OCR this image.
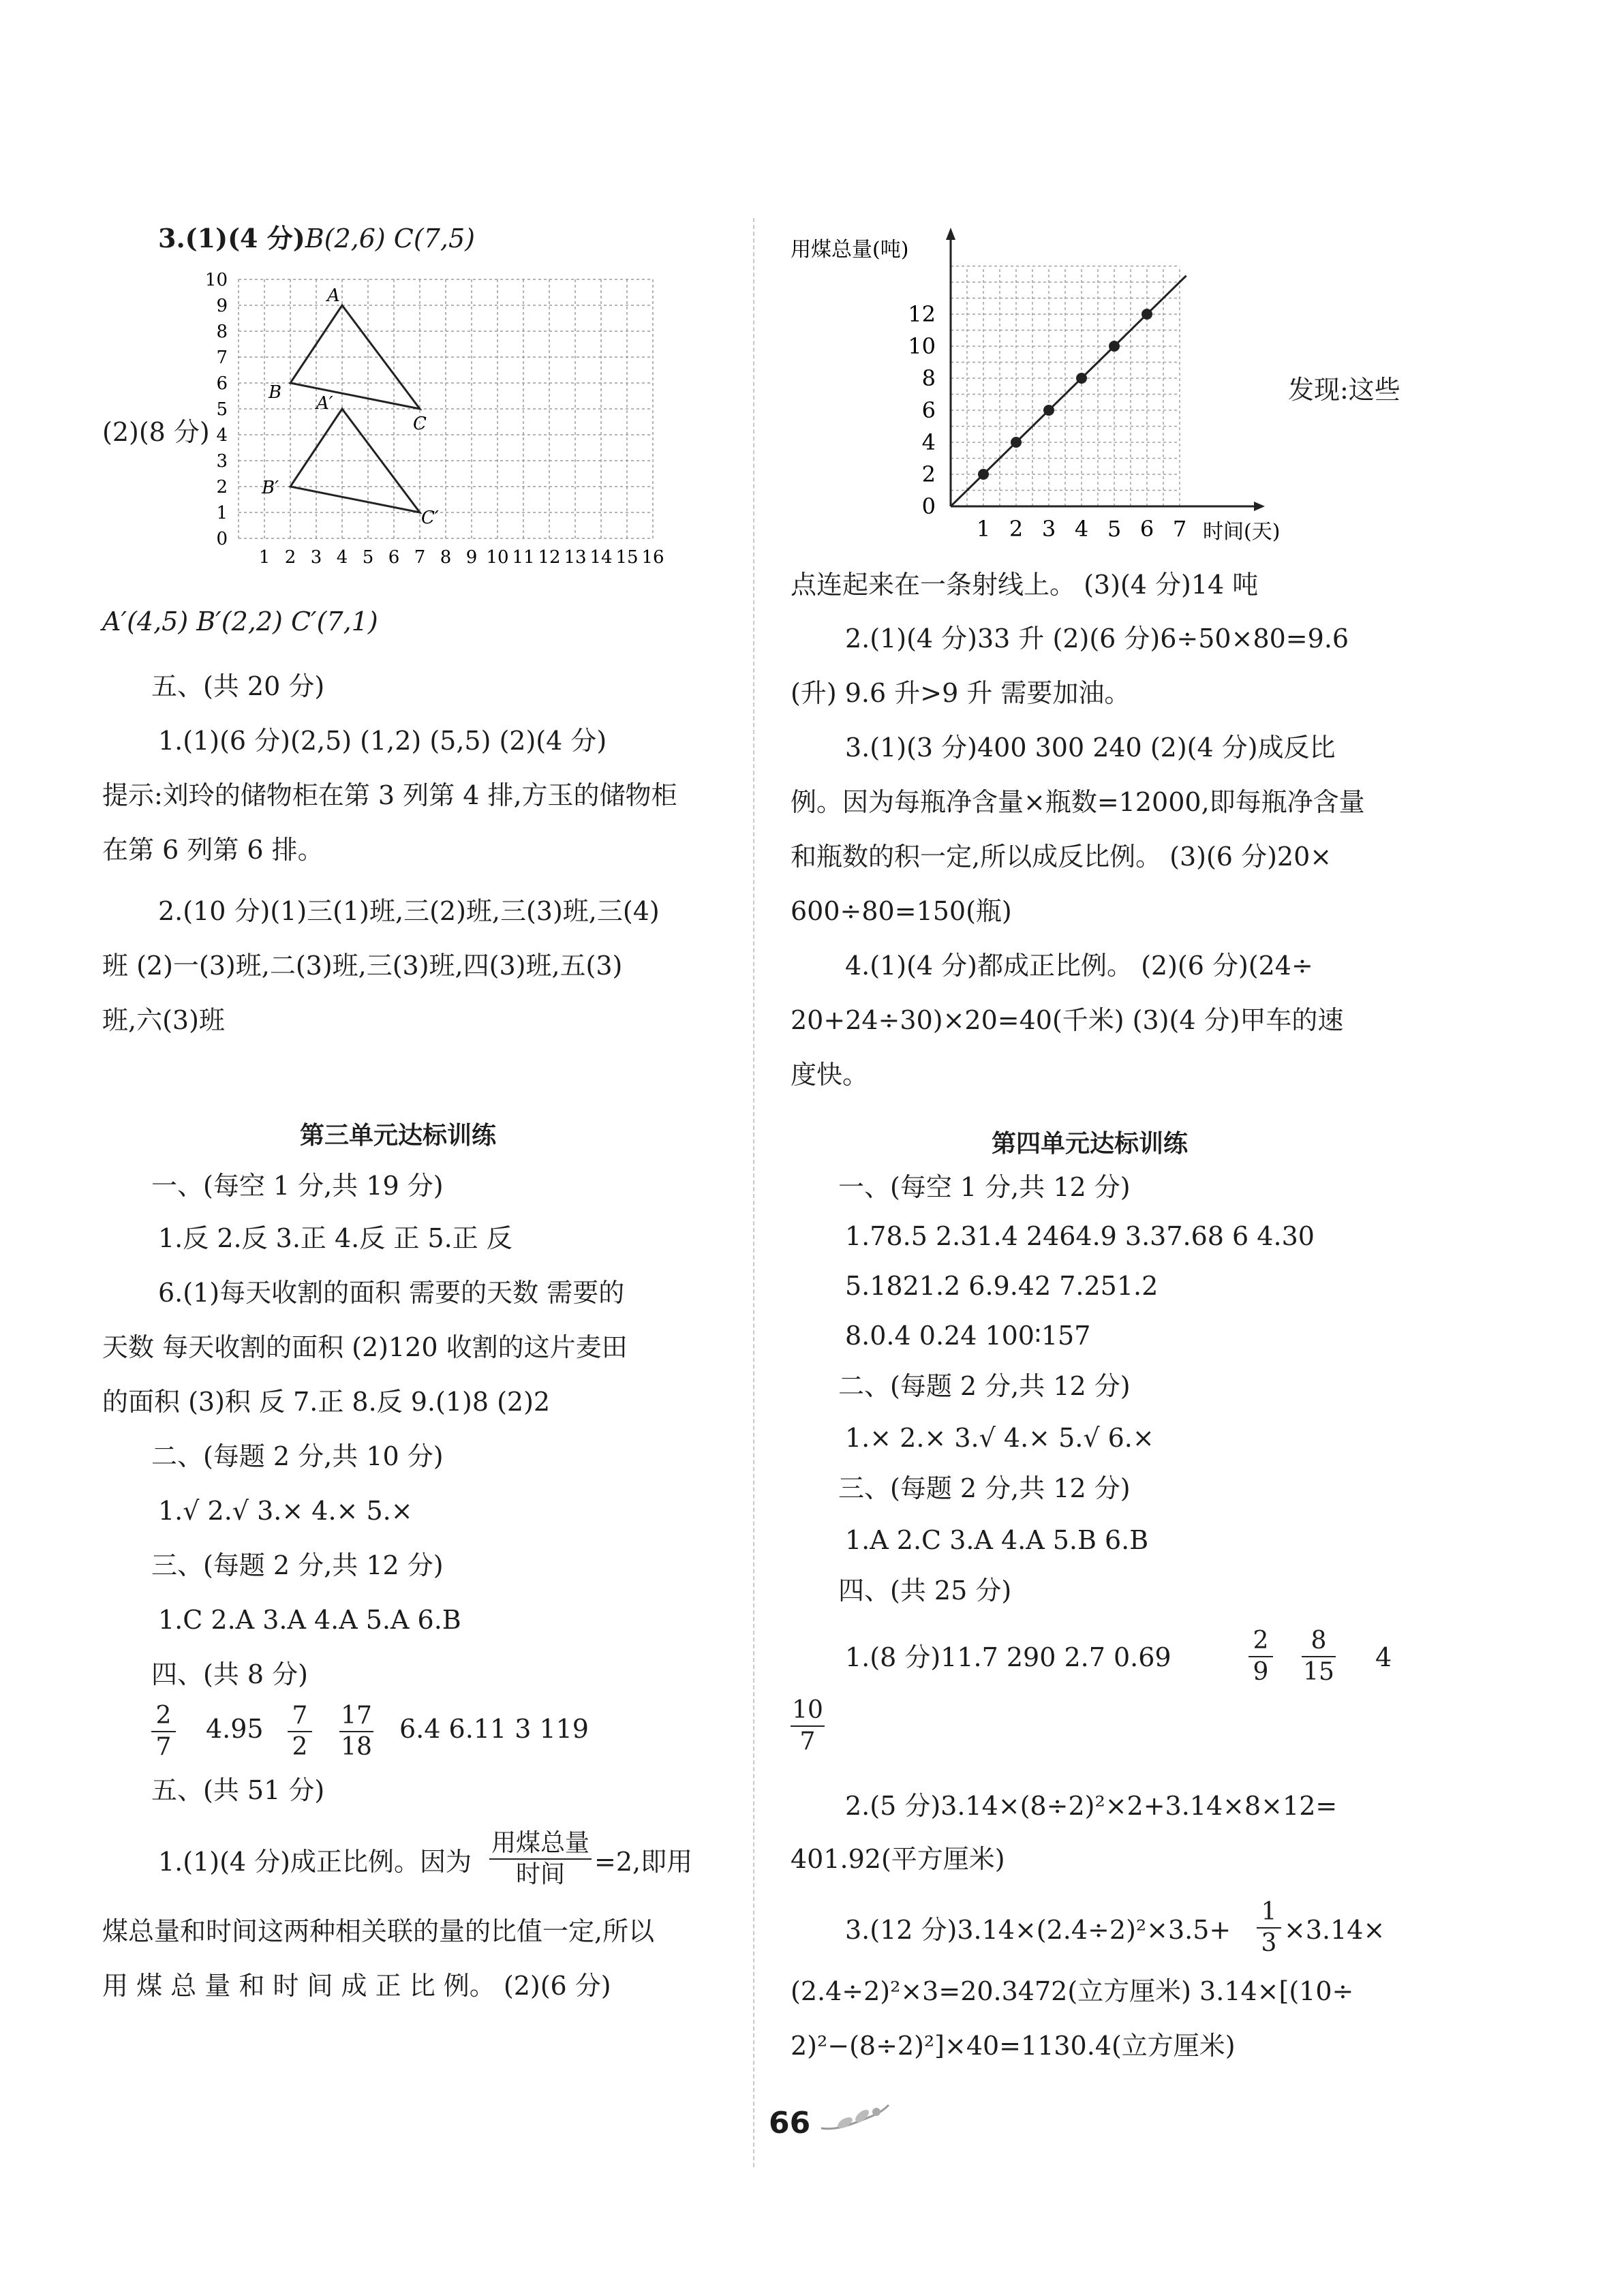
3.(1)(4 分)B(2,6) C(7,5)
(2)(8 分)
1 2 3 4 5 6 7 8 9 10 11 12 13 14 15 16
0
1
2
3
4
5
6
7
8
9
10
A
B
C
A′
B′
C′
A′(4,5) B′(2,2) C′(7,1)
五、(共 20 分)
1.(1)(6 分)(2,5) (1,2) (5,5) (2)(4 分)
提示:刘玲的储物柜在第 3 列第 4 排,方玉的储物柜
在第 6 列第 6 排。
2.(10 分)(1)三(1)班,三(2)班,三(3)班,三(4)
班 (2)一(3)班,二(3)班,三(3)班,四(3)班,五(3)
班,六(3)班
第三单元达标训练
一、(每空 1 分,共 19 分)
1.反 2.反 3.正 4.反 正 5.正 反
6.(1)每天收割的面积 需要的天数 需要的
天数 每天收割的面积 (2)120 收割的这片麦田
的面积 (3)积 反 7.正 8.反 9.(1)8 (2)2
二、(每题 2 分,共 10 分)
1.√ 2.√ 3.× 4.× 5.×
三、(每题 2 分,共 12 分)
1.C 2.A 3.A 4.A 5.A 6.B
四、(共 8 分)
2
7
4.95 7
2
17
18
6.4 6.11 3 119
五、(共 51 分)
1.(1)(4 分)成正比例。因为
用煤总量
时间	=2,即用
煤总量和时间这两种相关联的量的比值一定,所以
用 煤 总 量 和 时 间 成 正 比 例。 (2)(6 分)
用煤总量(吨)
时间(天)
1 2 3 4 5 6 7
0
2
4
6
8
10
12
发现:这些
点连起来在一条射线上。 (3)(4 分)14 吨
2.(1)(4 分)33 升 (2)(6 分)6÷50×80=9.6
(升) 9.6 升>9 升 需要加油。
3.(1)(3 分)400 300 240 (2)(4 分)成反比
例。因为每瓶净含量×瓶数=12000,即每瓶净含量
和瓶数的积一定,所以成反比例。 (3)(6 分)20×
600÷80=150(瓶)
4.(1)(4 分)都成正比例。 (2)(6 分)(24÷
20+24÷30)×20=40(千米) (3)(4 分)甲车的速
度快。
第四单元达标训练
一、(每空 1 分,共 12 分)
1.78.5 2.31.4 2464.9 3.37.68 6 4.30
5.1821.2 6.9.42 7.251.2
8.0.4 0.24 100∶157
二、(每题 2 分,共 12 分)
1.× 2.× 3.√ 4.× 5.√ 6.×
三、(每题 2 分,共 12 分)
1.A 2.C 3.A 4.A 5.B 6.B
四、(共 25 分)
1.(8 分)11.7 290 2.7 0.69
2
9
8
15 4
10
7
2.(5 分)3.14×(8÷2)²×2+3.14×8×12=
401.92(平方厘米)
3.(12 分)3.14×(2.4÷2)²×3.5+
1
3 ×3.14×
(2.4÷2)²×3=20.3472(立方厘米) 3.14×[(10÷
2)²−(8÷2)²]×40=1130.4(立方厘米)
66
